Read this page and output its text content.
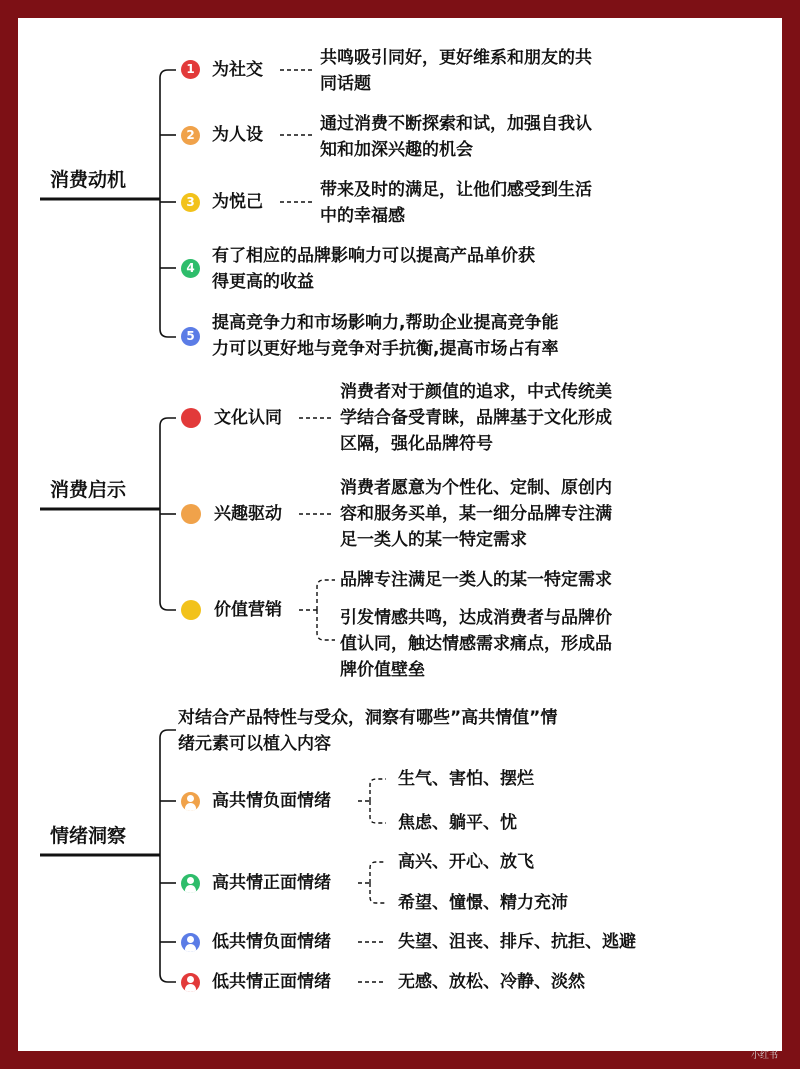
消费动机
1	为社交
共鸣吸引同好，更好维系和朋友的共
同话题
2	为人设
通过消费不断探索和试，加强自我认
知和加深兴趣的机会
3	为悦己
带来及时的满足，让他们感受到生活
中的幸福感
4
有了相应的品牌影响力可以提高产品单价获
得更高的收益
5
提高竞争力和市场影响力,帮助企业提高竞争能
力可以更好地与竞争对手抗衡,提高市场占有率
消费启示
文化认同
消费者对于颜值的追求，中式传统美
学结合备受青睐，品牌基于文化形成
区隔，强化品牌符号
兴趣驱动
消费者愿意为个性化、定制、原创内
容和服务买单，某一细分品牌专注满
足一类人的某一特定需求
价值营销
品牌专注满足一类人的某一特定需求
引发情感共鸣，达成消费者与品牌价
值认同，触达情感需求痛点，形成品
牌价值壁垒
情绪洞察
对结合产品特性与受众，洞察有哪些”高共情值”情
绪元素可以植入内容
高共情负面情绪
生气、害怕、摆烂
焦虑、躺平、忧
高共情正面情绪
高兴、开心、放飞
希望、憧憬、精力充沛
低共情负面情绪	失望、沮丧、排斥、抗拒、逃避
低共情正面情绪	无感、放松、冷静、淡然
小红书
